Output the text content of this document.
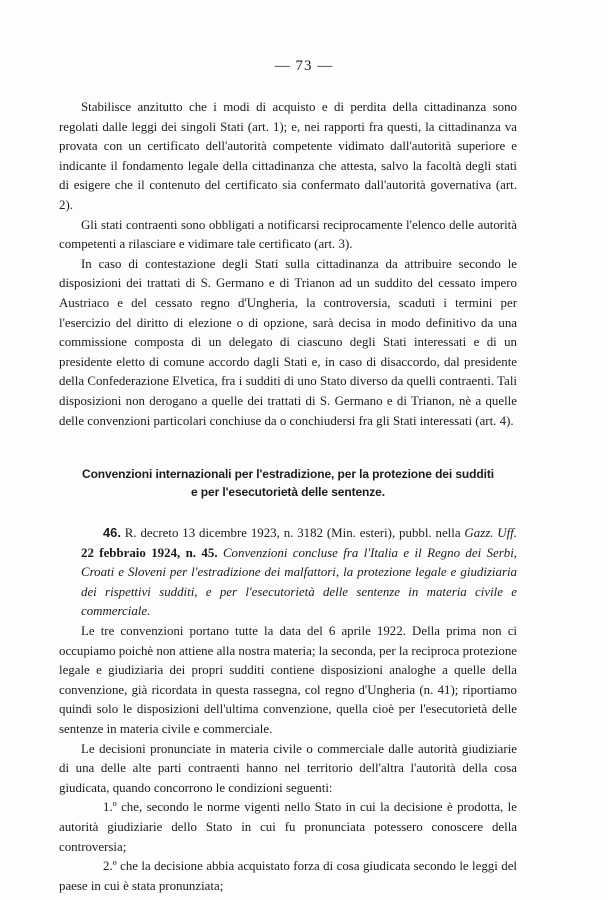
— 73 —

Stabilisce anzitutto che i modi di acquisto e di perdita della cittadinanza sono regolati dalle leggi dei singoli Stati (art. 1); e, nei rapporti fra questi, la cittadinanza va provata con un certificato dell'autorità competente vidimato dall'autorità superiore e indicante il fondamento legale della cittadinanza che attesta, salvo la facoltà degli stati di esigere che il contenuto del certificato sia confermato dall'autorità governativa (art. 2).

Gli stati contraenti sono obbligati a notificarsi reciprocamente l'elenco delle autorità competenti a rilasciare e vidimare tale certificato (art. 3).

In caso di contestazione degli Stati sulla cittadinanza da attribuire secondo le disposizioni dei trattati di S. Germano e di Trianon ad un suddito del cessato impero Austriaco e del cessato regno d'Ungheria, la controversia, scaduti i termini per l'esercizio del diritto di elezione o di opzione, sarà decisa in modo definitivo da una commissione composta di un delegato di ciascuno degli Stati interessati e di un presidente eletto di comune accordo dagli Stati e, in caso di disaccordo, dal presidente della Confederazione Elvetica, fra i sudditi di uno Stato diverso da quelli contraenti. Tali disposizioni non derogano a quelle dei trattati di S. Germano e di Trianon, nè a quelle delle convenzioni particolari conchiuse da o conchiudersi fra gli Stati interessati (art. 4).

Convenzioni internazionali per l'estradizione, per la protezione dei sudditi
e per l'esecutorietà delle sentenze.

46. R. decreto 13 dicembre 1923, n. 3182 (Min. esteri), pubbl. nella Gazz. Uff. 22 febbraio 1924, n. 45. Convenzioni concluse fra l'Italia e il Regno dei Serbi, Croati e Sloveni per l'estradizione dei malfattori, la protezione legale e giudiziaria dei rispettivi sudditi, e per l'esecutorietà delle sentenze in materia civile e commerciale.

Le tre convenzioni portano tutte la data del 6 aprile 1922. Della prima non ci occupiamo poichè non attiene alla nostra materia; la seconda, per la reciproca protezione legale e giudiziaria dei propri sudditi contiene disposizioni analoghe a quelle della convenzione, già ricordata in questa rassegna, col regno d'Ungheria (n. 41); riportiamo quindi solo le disposizioni dell'ultima convenzione, quella cioè per l'esecutorietà delle sentenze in materia civile e commerciale.

Le decisioni pronunciate in materia civile o commerciale dalle autorità giudiziarie di una delle alte parti contraenti hanno nel territorio dell'altra l'autorità della cosa giudicata, quando concorrono le condizioni seguenti:

1.º che, secondo le norme vigenti nello Stato in cui la decisione è prodotta, le autorità giudiziarie dello Stato in cui fu pronunciata potessero conoscere della controversia;

2.º che la decisione abbia acquistato forza di cosa giudicata secondo le leggi del paese in cui è stata pronunziata;
